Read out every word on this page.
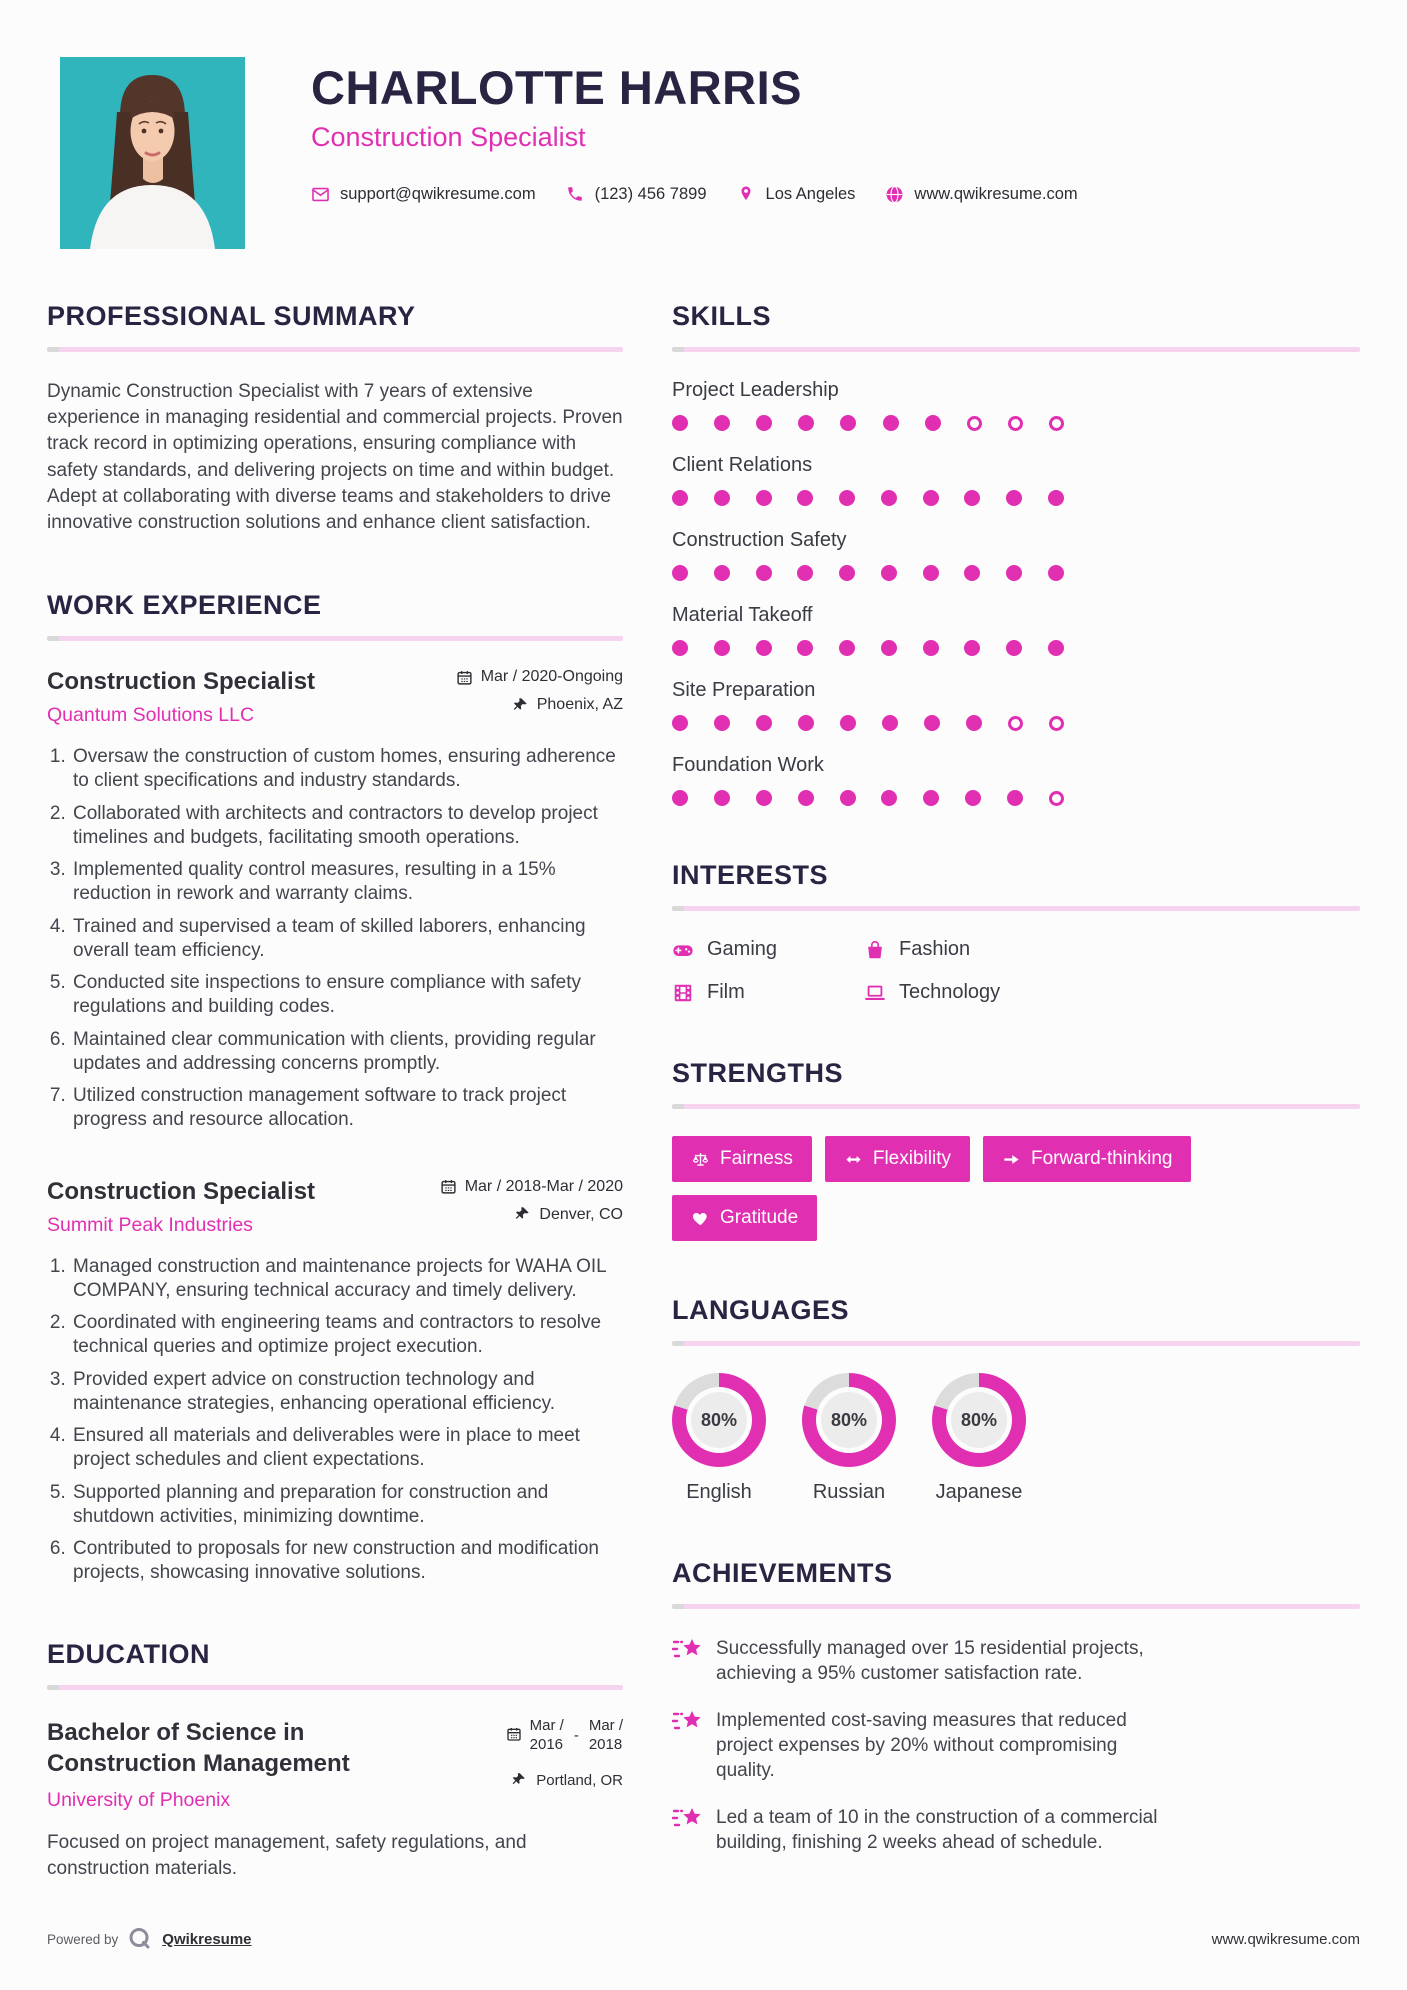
CHARLOTTE HARRIS
Construction Specialist
support@qwikresume.com	(123) 456 7899	Los Angeles	www.qwikresume.com
PROFESSIONAL SUMMARY

Dynamic Construction Specialist with 7 years of extensive experience in managing residential and commercial projects. Proven track record in optimizing operations, ensuring compliance with safety standards, and delivering projects on time and within budget. Adept at collaborating with diverse teams and stakeholders to drive innovative construction solutions and enhance client satisfaction.

WORK EXPERIENCE
Construction Specialist
Quantum Solutions LLC
Mar / 2020-Ongoing
Phoenix, AZ
1. Oversaw the construction of custom homes, ensuring adherence to client specifications and industry standards.
2. Collaborated with architects and contractors to develop project timelines and budgets, facilitating smooth operations.
3. Implemented quality control measures, resulting in a 15% reduction in rework and warranty claims.
4. Trained and supervised a team of skilled laborers, enhancing overall team efficiency.
5. Conducted site inspections to ensure compliance with safety regulations and building codes.
6. Maintained clear communication with clients, providing regular updates and addressing concerns promptly.
7. Utilized construction management software to track project progress and resource allocation.
Construction Specialist
Summit Peak Industries
Mar / 2018-Mar / 2020
Denver, CO
1. Managed construction and maintenance projects for WAHA OIL COMPANY, ensuring technical accuracy and timely delivery.
2. Coordinated with engineering teams and contractors to resolve technical queries and optimize project execution.
3. Provided expert advice on construction technology and maintenance strategies, enhancing operational efficiency.
4. Ensured all materials and deliverables were in place to meet project schedules and client expectations.
5. Supported planning and preparation for construction and shutdown activities, minimizing downtime.
6. Contributed to proposals for new construction and modification projects, showcasing innovative solutions.
EDUCATION
Bachelor of Science in Construction Management
University of Phoenix
Mar /
2016 -
Mar /
2018
Portland, OR

Focused on project management, safety regulations, and construction materials.

SKILLS
Project Leadership
Client Relations
Construction Safety
Material Takeoff
Site Preparation
Foundation Work
INTERESTS
Gaming	Fashion
Film	Technology
STRENGTHS
Fairness	Flexibility	Forward-thinking
Gratitude
LANGUAGES
80%
English
80%
Russian
80%
Japanese
ACHIEVEMENTS
Successfully managed over 15 residential projects, achieving a 95% customer satisfaction rate.
Implemented cost-saving measures that reduced project expenses by 20% without compromising quality.
Led a team of 10 in the construction of a commercial building, finishing 2 weeks ahead of schedule.
Powered by	Qwikresume	www.qwikresume.com
